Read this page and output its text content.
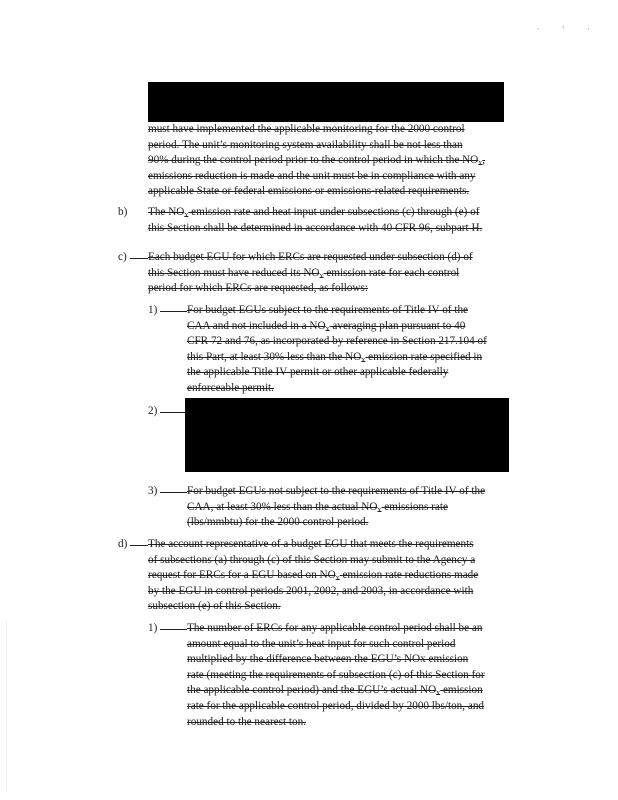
· ‘ ·

must have implemented the applicable monitoring for the 2000 control

period. The unit’s monitoring system availability shall be not less than

90% during the control period prior to the control period in which the $NO_x$,

emissions reduction is made and the unit must be in compliance with any

applicable State or federal emissions or emissions-related requirements.

b) The $NO_x$ emission rate and heat input under subsections (c) through (e) of

this Section shall be determined in accordance with 40 CFR 96, subpart H.

c) Each budget EGU for which ERCs are requested under subsection (d) of

this Section must have reduced its $NO_x$ emission rate for each control

period for which ERCs are requested, as follows:

1)	For budget EGUs subject to the requirements of Title IV of the

CAA and not included in a $NO_x$ averaging plan pursuant to 40

CFR 72 and 76, as incorporated by reference in Section 217.104 of

this Part, at least 30% less than the $NO_x$ emission rate specified in

the applicable Title IV permit or other applicable federally

enforceable permit.

2)
3)	For budget EGUs not subject to the requirements of Title IV of the

CAA, at least 30% less than the actual $NO_x$ emissions rate

(lbs/mmbtu) for the 2000 control period.

d) The account representative of a budget EGU that meets the requirements

of subsections (a) through (c) of this Section may submit to the Agency a

request for ERCs for a EGU based on $NO_x$ emission rate reductions made

by the EGU in control periods 2001, 2002, and 2003, in accordance with

subsection (e) of this Section.

1)	The number of ERCs for any applicable control period shall be an

amount equal to the unit’s heat input for such control period

multiplied by the difference between the EGU’s NOx emission

rate (meeting the requirements of subsection (c) of this Section for

the applicable control period) and the EGU’s actual $NO_x$ emission

rate for the applicable control period, divided by 2000 lbs/ton, and

rounded to the nearest ton.
